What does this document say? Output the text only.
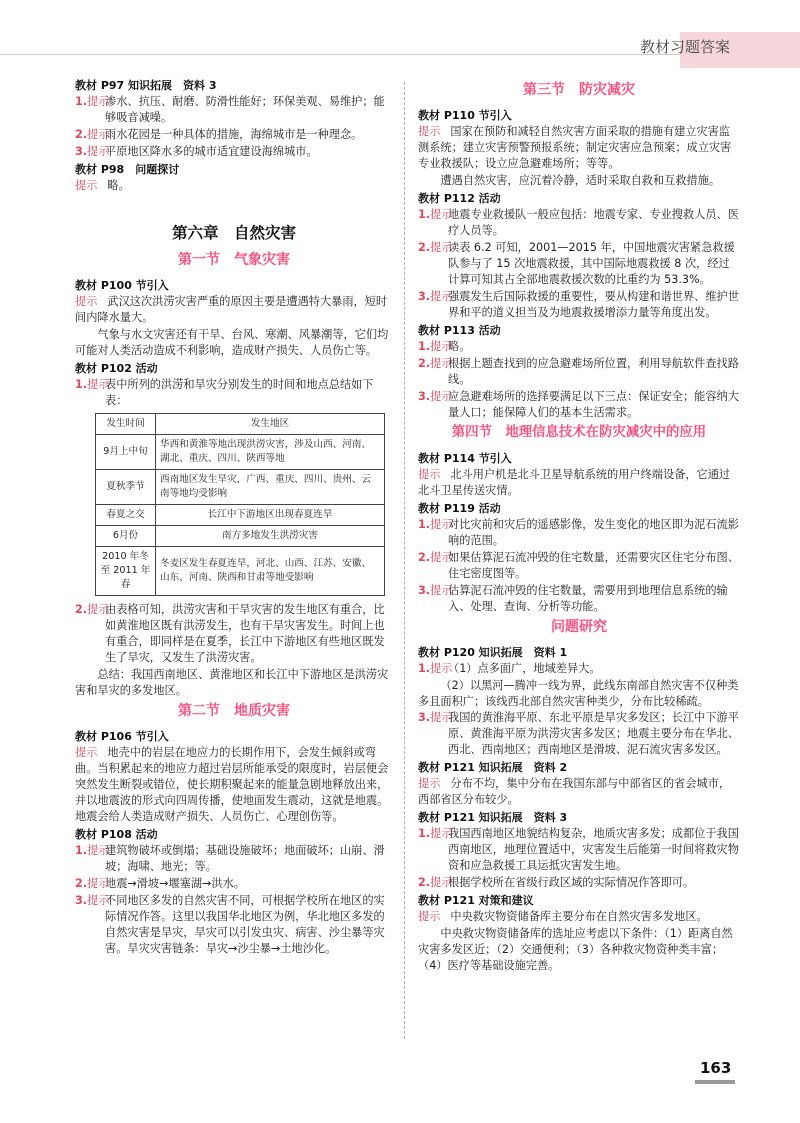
教材习题答案
教材 P97 知识拓展　资料 3
1.提示
渗水、抗压、耐磨、防滑性能好；环保美观、易维护；能够吸音减噪。
2.提示
雨水花园是一种具体的措施，海绵城市是一种理念。
3.提示
平原地区降水多的城市适宜建设海绵城市。
教材 P98　问题探讨
提示 略。
第六章　自然灾害
第一节　气象灾害
教材 P100 节引入
提示 武汉这次洪涝灾害严重的原因主要是遭遇特大暴雨，短时间内降水量大。
气象与水文灾害还有干旱、台风、寒潮、风暴潮等，它们均可能对人类活动造成不利影响，造成财产损失、人员伤亡等。
教材 P102 活动
1.提示
表中所列的洪涝和旱灾分别发生的时间和地点总结如下表：
发生时间	发生地区
9月上中旬	华西和黄淮等地出现洪涝灾害，涉及山西、河南、湖北、重庆、四川、陕西等地
夏秋季节	西南地区发生旱灾，广西、重庆、四川、贵州、云南等地均受影响
春夏之交	长江中下游地区出现春夏连旱
6月份	南方多地发生洪涝灾害
2010 年冬至 2011 年春	冬麦区发生春夏连旱，河北、山西、江苏、安徽、山东、河南、陕西和甘肃等地受影响
2.提示
由表格可知，洪涝灾害和干旱灾害的发生地区有重合，比如黄淮地区既有洪涝发生，也有干旱灾害发生。时间上也有重合，即同样是在夏季，长江中下游地区有些地区既发生了旱灾，又发生了洪涝灾害。
总结：我国西南地区、黄淮地区和长江中下游地区是洪涝灾害和旱灾的多发地区。
第二节　地质灾害
教材 P106 节引入
提示 地壳中的岩层在地应力的长期作用下，会发生倾斜或弯曲。当积累起来的地应力超过岩层所能承受的限度时，岩层便会突然发生断裂或错位，使长期积聚起来的能量急剧地释放出来，并以地震波的形式向四周传播，使地面发生震动，这就是地震。地震会给人类造成财产损失、人员伤亡、心理创伤等。
教材 P108 活动
1.提示
建筑物破坏或倒塌；基础设施破坏；地面破坏；山崩、滑坡；海啸、地光；等。
2.提示
地震→滑坡→堰塞湖→洪水。
3.提示
不同地区多发的自然灾害不同，可根据学校所在地区的实际情况作答。这里以我国华北地区为例，华北地区多发的自然灾害是旱灾，旱灾可以引发虫灾、病害、沙尘暴等灾害。旱灾灾害链条：旱灾→沙尘暴→土地沙化。
第三节　防灾减灾
教材 P110 节引入
提示 国家在预防和减轻自然灾害方面采取的措施有建立灾害监测系统；建立灾害预警预报系统；制定灾害应急预案；成立灾害专业救援队；设立应急避难场所；等等。
遭遇自然灾害，应沉着冷静，适时采取自救和互救措施。
教材 P112 活动
1.提示
地震专业救援队一般应包括：地震专家、专业搜救人员、医疗人员等。
2.提示
读表 6.2 可知，2001—2015 年，中国地震灾害紧急救援队参与了 15 次地震救援，其中国际地震救援 8 次，经过计算可知其占全部地震救援次数的比重约为 53.3%。
3.提示
强震发生后国际救援的重要性，要从构建和谐世界、维护世界和平的道义担当及为地震救援增添力量等角度出发。
教材 P113 活动
1.提示
略。
2.提示
根据上题查找到的应急避难场所位置，利用导航软件查找路线。
3.提示
应急避难场所的选择要满足以下三点：保证安全；能容纳大量人口；能保障人们的基本生活需求。
第四节　地理信息技术在防灾减灾中的应用
教材 P114 节引入
提示 北斗用户机是北斗卫星导航系统的用户终端设备，它通过北斗卫星传送灾情。
教材 P119 活动
1.提示
对比灾前和灾后的遥感影像，发生变化的地区即为泥石流影响的范围。
2.提示
如果估算泥石流冲毁的住宅数量，还需要灾区住宅分布图、住宅密度图等。
3.提示
估算泥石流冲毁的住宅数量，需要用到地理信息系统的输入、处理、查询、分析等功能。
问题研究
教材 P120 知识拓展　资料 1
1.提示
（1）点多面广，地域差异大。
（2）以黑河—腾冲一线为界，此线东南部自然灾害不仅种类多且面积广；该线西北部自然灾害种类少，分布比较稀疏。
3.提示
我国的黄淮海平原、东北平原是旱灾多发区；长江中下游平原、黄淮海平原为洪涝灾害多发区；地震主要分布在华北、西北、西南地区；西南地区是滑坡、泥石流灾害多发区。
教材 P121 知识拓展　资料 2
提示 分布不均，集中分布在我国东部与中部省区的省会城市，西部省区分布较少。
教材 P121 知识拓展　资料 3
1.提示
我国西南地区地貌结构复杂，地质灾害多发；成都位于我国西南地区，地理位置适中，灾害发生后能第一时间将救灾物资和应急救援工具运抵灾害发生地。
2.提示
根据学校所在省级行政区域的实际情况作答即可。
教材 P121 对策和建议
提示 中央救灾物资储备库主要分布在自然灾害多发地区。
中央救灾物资储备库的选址应考虑以下条件：（1）距离自然灾害多发区近；（2）交通便利；（3）各种救灾物资种类丰富；（4）医疗等基础设施完善。
163
